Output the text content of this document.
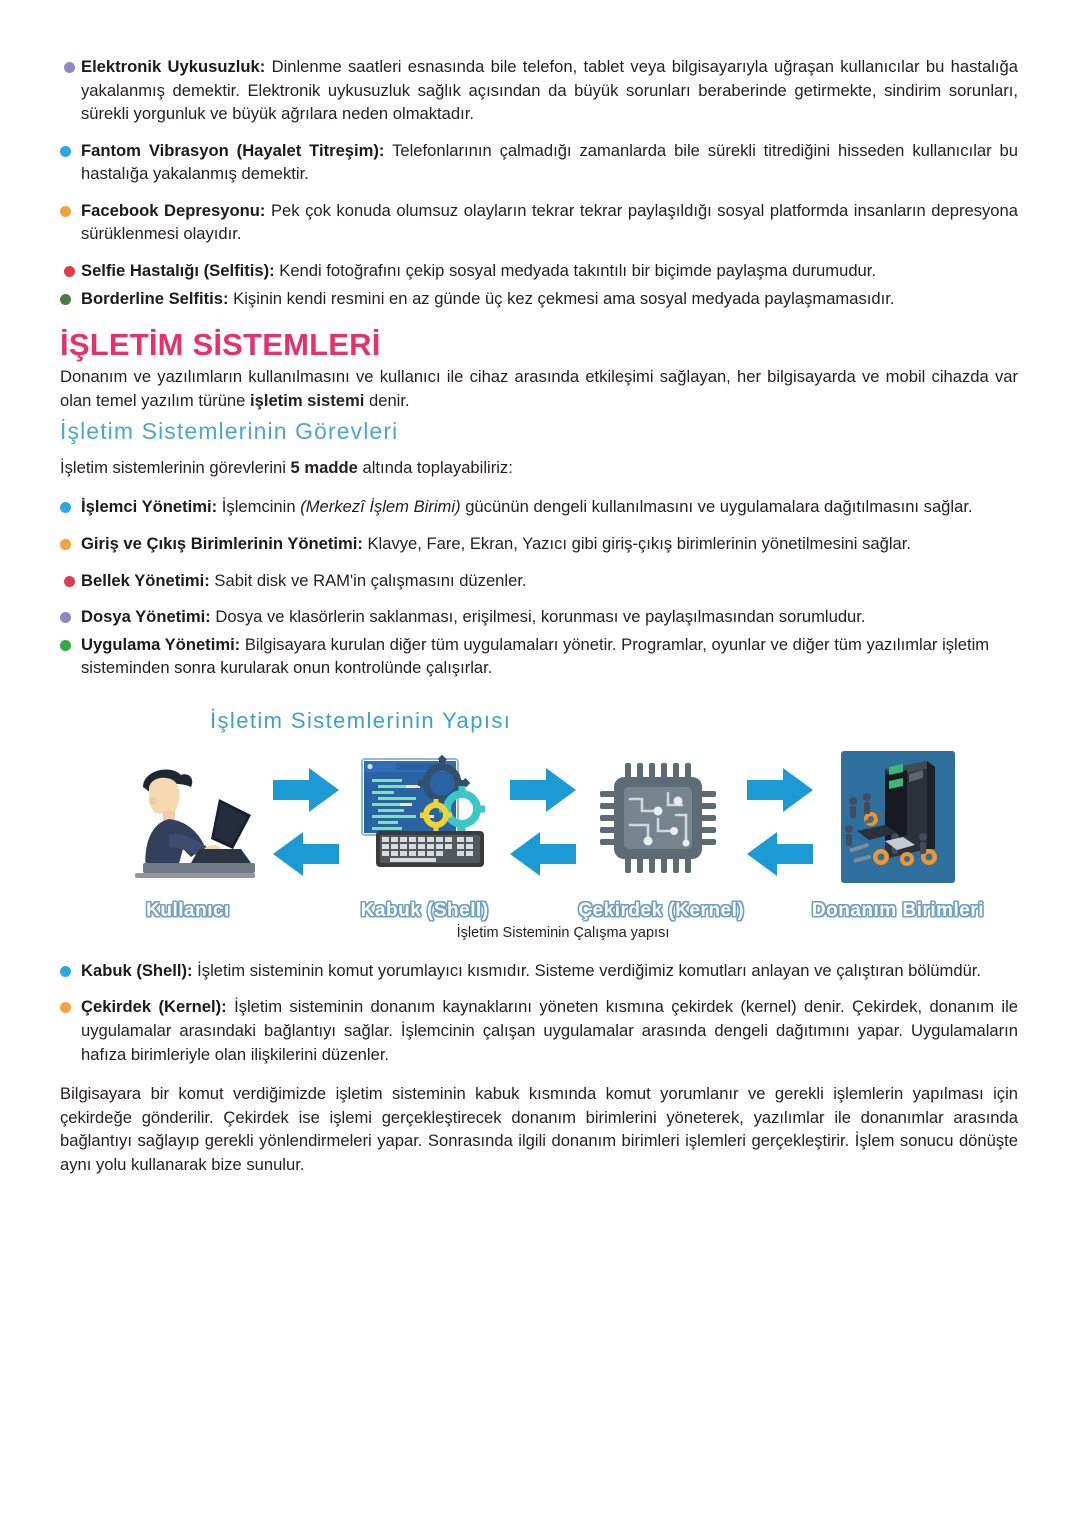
Elektronik Uykusuzluk: Dinlenme saatleri esnasında bile telefon, tablet veya bilgisayarıyla uğraşan kullanıcılar bu hastalığa yakalanmış demektir. Elektronik uykusuzluk sağlık açısından da büyük sorunları beraberinde getirmekte, sindirim sorunları, sürekli yorgunluk ve büyük ağrılara neden olmaktadır.

Fantom Vibrasyon (Hayalet Titreşim): Telefonlarının çalmadığı zamanlarda bile sürekli titrediğini hisseden kullanıcılar bu hastalığa yakalanmış demektir.

Facebook Depresyonu: Pek çok konuda olumsuz olayların tekrar tekrar paylaşıldığı sosyal platformda insanların depresyona sürüklenmesi olayıdır.

Selfie Hastalığı (Selfitis): Kendi fotoğrafını çekip sosyal medyada takıntılı bir biçimde paylaşma durumudur.

Borderline Selfitis: Kişinin kendi resmini en az günde üç kez çekmesi ama sosyal medyada paylaşmamasıdır.

İŞLETİM SİSTEMLERİ

Donanım ve yazılımların kullanılmasını ve kullanıcı ile cihaz arasında etkileşimi sağlayan, her bilgisayarda ve mobil cihazda var olan temel yazılım türüne işletim sistemi denir.

İşletim Sistemlerinin Görevleri

İşletim sistemlerinin görevlerini 5 madde altında toplayabiliriz:

İşlemci Yönetimi: İşlemcinin (Merkezî İşlem Birimi) gücünün dengeli kullanılmasını ve uygulamalara dağıtılmasını sağlar.

Giriş ve Çıkış Birimlerinin Yönetimi: Klavye, Fare, Ekran, Yazıcı gibi giriş-çıkış birimlerinin yönetilmesini sağlar.

Bellek Yönetimi: Sabit disk ve RAM'in çalışmasını düzenler.

Dosya Yönetimi: Dosya ve klasörlerin saklanması, erişilmesi, korunması ve paylaşılmasından sorumludur.

Uygulama Yönetimi: Bilgisayara kurulan diğer tüm uygulamaları yönetir. Programlar, oyunlar ve diğer tüm yazılımlar işletim sisteminden sonra kurularak onun kontrolünde çalışırlar.

İşletim Sistemlerinin Yapısı
Kullanıcı	Kabuk (Shell)	Çekirdek (Kernel)	Donanım Birimleri
İşletim Sisteminin Çalışma yapısı

Kabuk (Shell): İşletim sisteminin komut yorumlayıcı kısmıdır. Sisteme verdiğimiz komutları anlayan ve çalıştıran bölümdür.

Çekirdek (Kernel): İşletim sisteminin donanım kaynaklarını yöneten kısmına çekirdek (kernel) denir. Çekirdek, donanım ile uygulamalar arasındaki bağlantıyı sağlar. İşlemcinin çalışan uygulamalar arasında dengeli dağıtımını yapar. Uygulamaların hafıza birimleriyle olan ilişkilerini düzenler.

Bilgisayara bir komut verdiğimizde işletim sisteminin kabuk kısmında komut yorumlanır ve gerekli işlemlerin yapılması için çekirdeğe gönderilir. Çekirdek ise işlemi gerçekleştirecek donanım birimlerini yöneterek, yazılımlar ile donanımlar arasında bağlantıyı sağlayıp gerekli yönlendirmeleri yapar. Sonrasında ilgili donanım birimleri işlemleri gerçekleştirir. İşlem sonucu dönüşte aynı yolu kullanarak bize sunulur.
